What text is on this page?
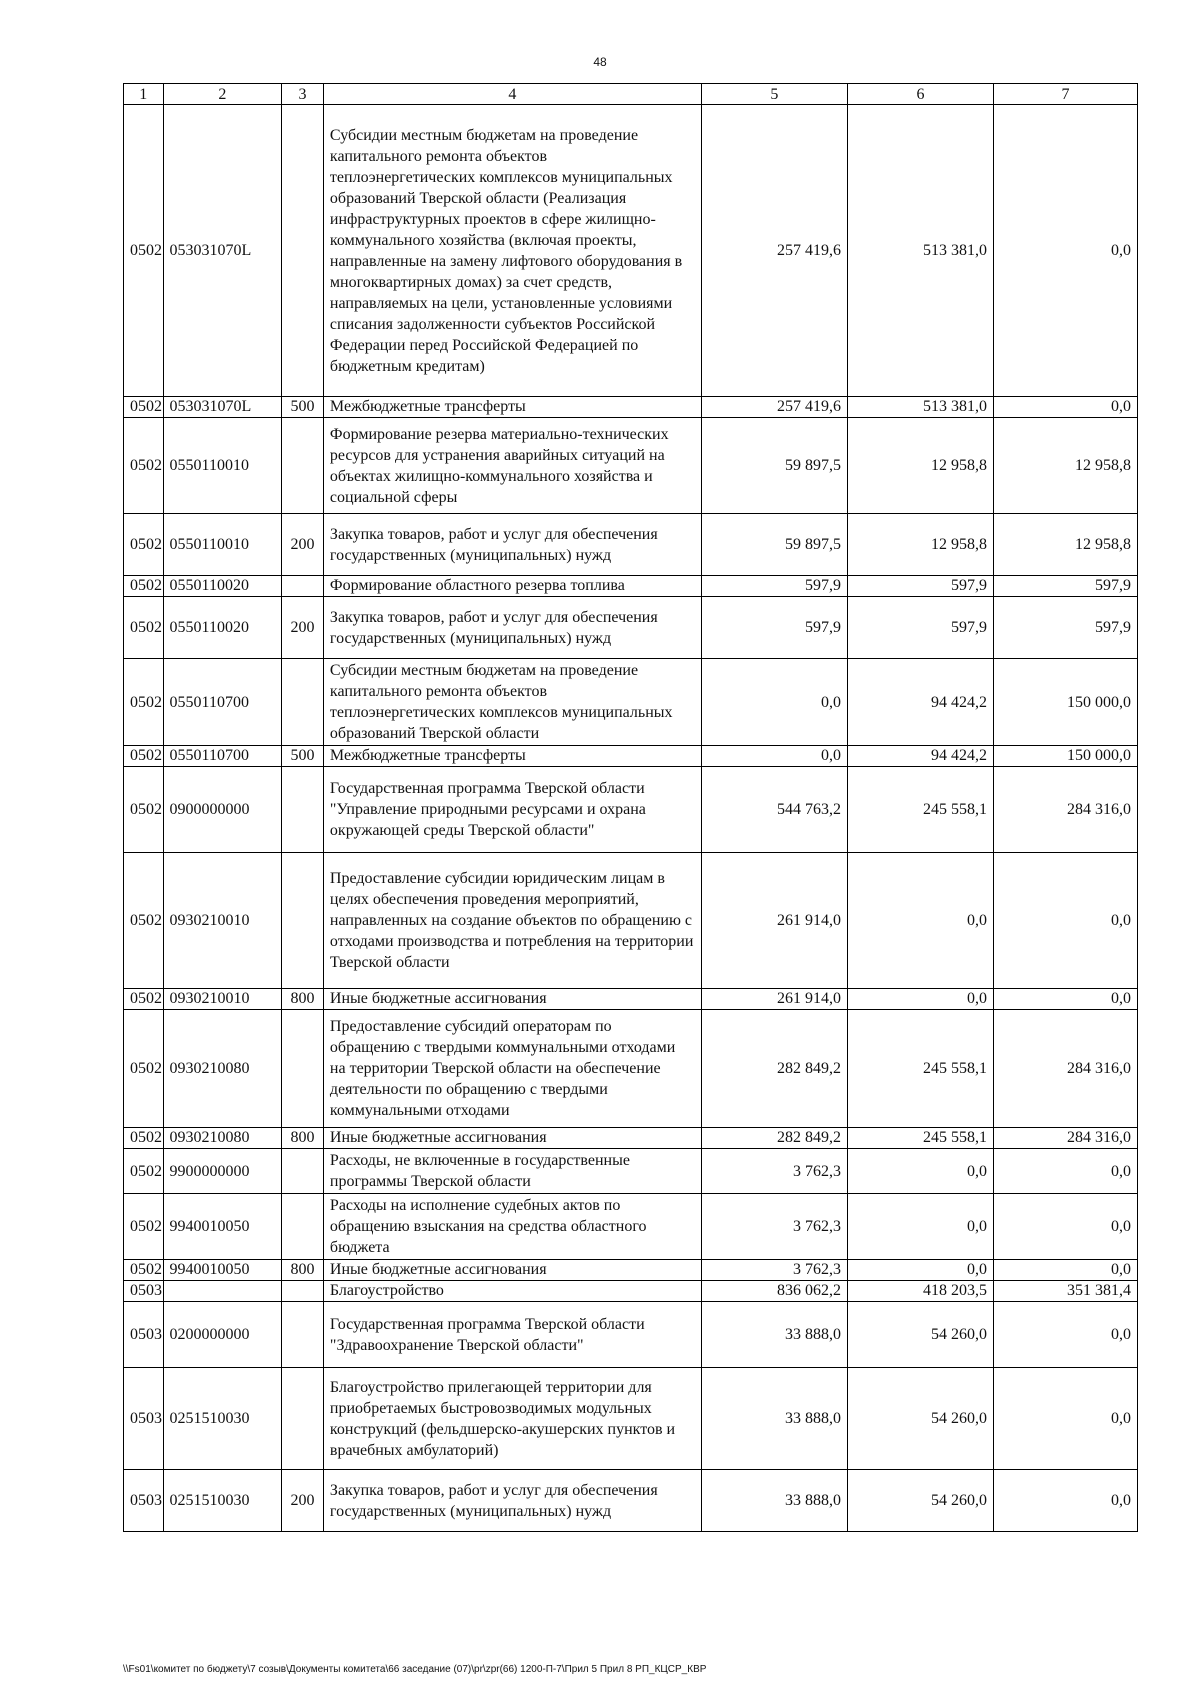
48
1	2	3	4	5	6	7
0502	053031070L		Субсидии местным бюджетам на проведение капитального ремонта объектов теплоэнергетических комплексов муниципальных образований Тверской области (Реализация инфраструктурных проектов в сфере жилищно-коммунального хозяйства (включая проекты, направленные на замену лифтового оборудования в многоквартирных домах) за счет средств, направляемых на цели, установленные условиями списания задолженности субъектов Российской Федерации перед Российской Федерацией по бюджетным кредитам)	257 419,6	513 381,0	0,0
0502	053031070L	500	Межбюджетные трансферты	257 419,6	513 381,0	0,0
0502	0550110010		Формирование резерва материально-технических ресурсов для устранения аварийных ситуаций на объектах жилищно-коммунального хозяйства и социальной сферы	59 897,5	12 958,8	12 958,8
0502	0550110010	200	Закупка товаров, работ и услуг для обеспечения государственных (муниципальных) нужд	59 897,5	12 958,8	12 958,8
0502	0550110020		Формирование областного резерва топлива	597,9	597,9	597,9
0502	0550110020	200	Закупка товаров, работ и услуг для обеспечения государственных (муниципальных) нужд	597,9	597,9	597,9
0502	0550110700		Субсидии местным бюджетам на проведение капитального ремонта объектов теплоэнергетических комплексов муниципальных образований Тверской области	0,0	94 424,2	150 000,0
0502	0550110700	500	Межбюджетные трансферты	0,0	94 424,2	150 000,0
0502	0900000000		Государственная программа Тверской области "Управление природными ресурсами и охрана окружающей среды Тверской области"	544 763,2	245 558,1	284 316,0
0502	0930210010		Предоставление субсидии юридическим лицам в целях обеспечения проведения мероприятий, направленных на создание объектов по обращению с отходами производства и потребления на территории Тверской области	261 914,0	0,0	0,0
0502	0930210010	800	Иные бюджетные ассигнования	261 914,0	0,0	0,0
0502	0930210080		Предоставление субсидий операторам по обращению с твердыми коммунальными отходами на территории Тверской области на обеспечение деятельности по обращению с твердыми коммунальными отходами	282 849,2	245 558,1	284 316,0
0502	0930210080	800	Иные бюджетные ассигнования	282 849,2	245 558,1	284 316,0
0502	9900000000		Расходы, не включенные в государственные программы Тверской области	3 762,3	0,0	0,0
0502	9940010050		Расходы на исполнение судебных актов по обращению взыскания на средства областного бюджета	3 762,3	0,0	0,0
0502	9940010050	800	Иные бюджетные ассигнования	3 762,3	0,0	0,0
0503			Благоустройство	836 062,2	418 203,5	351 381,4
0503	0200000000		Государственная программа Тверской области "Здравоохранение Тверской области"	33 888,0	54 260,0	0,0
0503	0251510030		Благоустройство прилегающей территории для приобретаемых быстровозводимых модульных конструкций (фельдшерско-акушерских пунктов и врачебных амбулаторий)	33 888,0	54 260,0	0,0
0503	0251510030	200	Закупка товаров, работ и услуг для обеспечения государственных (муниципальных) нужд	33 888,0	54 260,0	0,0
\\Fs01\комитет по бюджету\7 созыв\Документы комитета\66 заседание (07)\pr\zpr(66) 1200-П-7\Прил 5 Прил 8 РП_КЦСР_КВР
